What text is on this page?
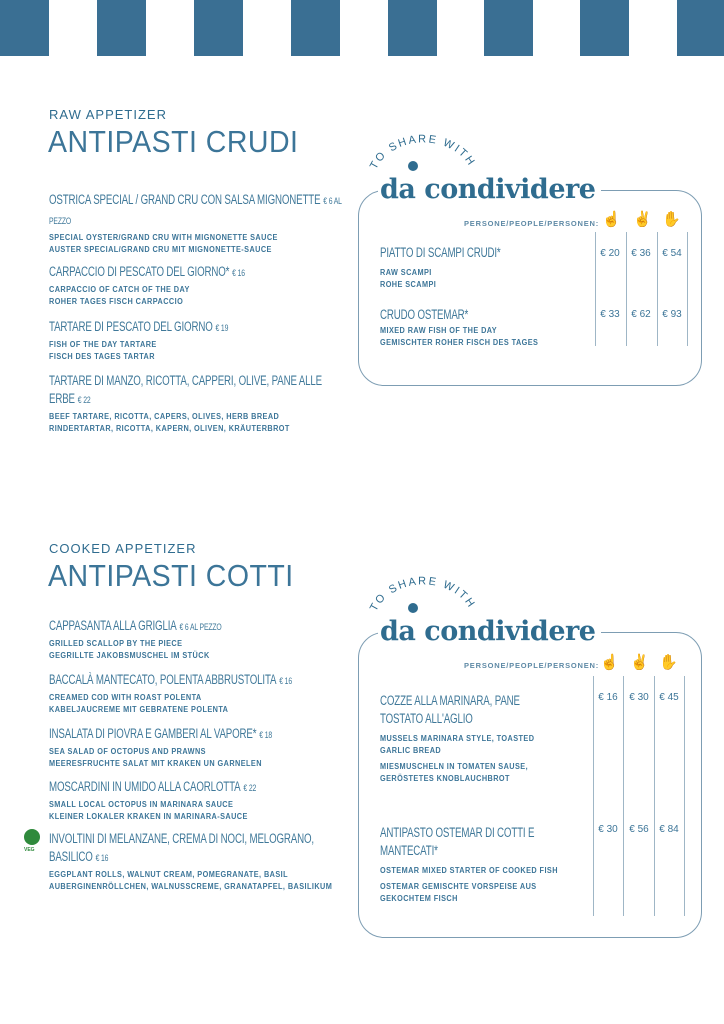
RAW APPETIZER
ANTIPASTI CRUDI
OSTRICA SPECIAL / GRAND CRU CON SALSA MIGNONETTE € 6 AL PEZZO
SPECIAL OYSTER/GRAND CRU WITH MIGNONETTE SAUCE
AUSTER SPECIAL/GRAND CRU MIT MIGNONETTE-SAUCE
CARPACCIO DI PESCATO DEL GIORNO* € 16
CARPACCIO OF CATCH OF THE DAY
ROHER TAGES FISCH CARPACCIO
TARTARE DI PESCATO DEL GIORNO € 19
FISH OF THE DAY TARTARE
FISCH DES TAGES TARTAR
TARTARE DI MANZO, RICOTTA, CAPPERI, OLIVE, PANE ALLE ERBE € 22
BEEF TARTARE, RICOTTA, CAPERS, OLIVES, HERB BREAD
RINDERTARTAR, RICOTTA, KAPERN, OLIVEN, KRÄUTERBROT
TO SHARE WITH
da condividere
PERSONE/PEOPLE/PERSONEN: ☝ ✌ ✋
PIATTO DI SCAMPI CRUDI*
RAW SCAMPI
ROHE SCAMPI
€ 20	€ 36	€ 54
CRUDO OSTEMAR*
MIXED RAW FISH OF THE DAY
GEMISCHTER ROHER FISCH DES TAGES
€ 33	€ 62	€ 93
COOKED APPETIZER
ANTIPASTI COTTI
CAPPASANTA ALLA GRIGLIA € 6 AL PEZZO
GRILLED SCALLOP BY THE PIECE
GEGRILLTE JAKOBSMUSCHEL IM STÜCK
BACCALÀ MANTECATO, POLENTA ABBRUSTOLITA € 16
CREAMED COD WITH ROAST POLENTA
KABELJAUCREME MIT GEBRATENE POLENTA
INSALATA DI PIOVRA E GAMBERI AL VAPORE* € 18
SEA SALAD OF OCTOPUS AND PRAWNS
MEERESFRUCHTE SALAT MIT KRAKEN UN GARNELEN
MOSCARDINI IN UMIDO ALLA CAORLOTTA € 22
SMALL LOCAL OCTOPUS IN MARINARA SAUCE
KLEINER LOKALER KRAKEN IN MARINARA-SAUCE
VEG
INVOLTINI DI MELANZANE, CREMA DI NOCI, MELOGRANO, BASILICO € 16
EGGPLANT ROLLS, WALNUT CREAM, POMEGRANATE, BASIL
AUBERGINENRÖLLCHEN, WALNUSSCREME, GRANATAPFEL, BASILIKUM
TO SHARE WITH
da condividere
PERSONE/PEOPLE/PERSONEN: ☝ ✌ ✋
COZZE ALLA MARINARA, PANE TOSTATO ALL'AGLIO
MUSSELS MARINARA STYLE, TOASTED GARLIC BREAD
MIESMUSCHELN IN TOMATEN SAUSE, GERÖSTETES KNOBLAUCHBROT
€ 16	€ 30	€ 45
ANTIPASTO OSTEMAR DI COTTI E MANTECATI*
OSTEMAR MIXED STARTER OF COOKED FISH
OSTEMAR GEMISCHTE VORSPEISE AUS GEKOCHTEM FISCH
€ 30	€ 56	€ 84
